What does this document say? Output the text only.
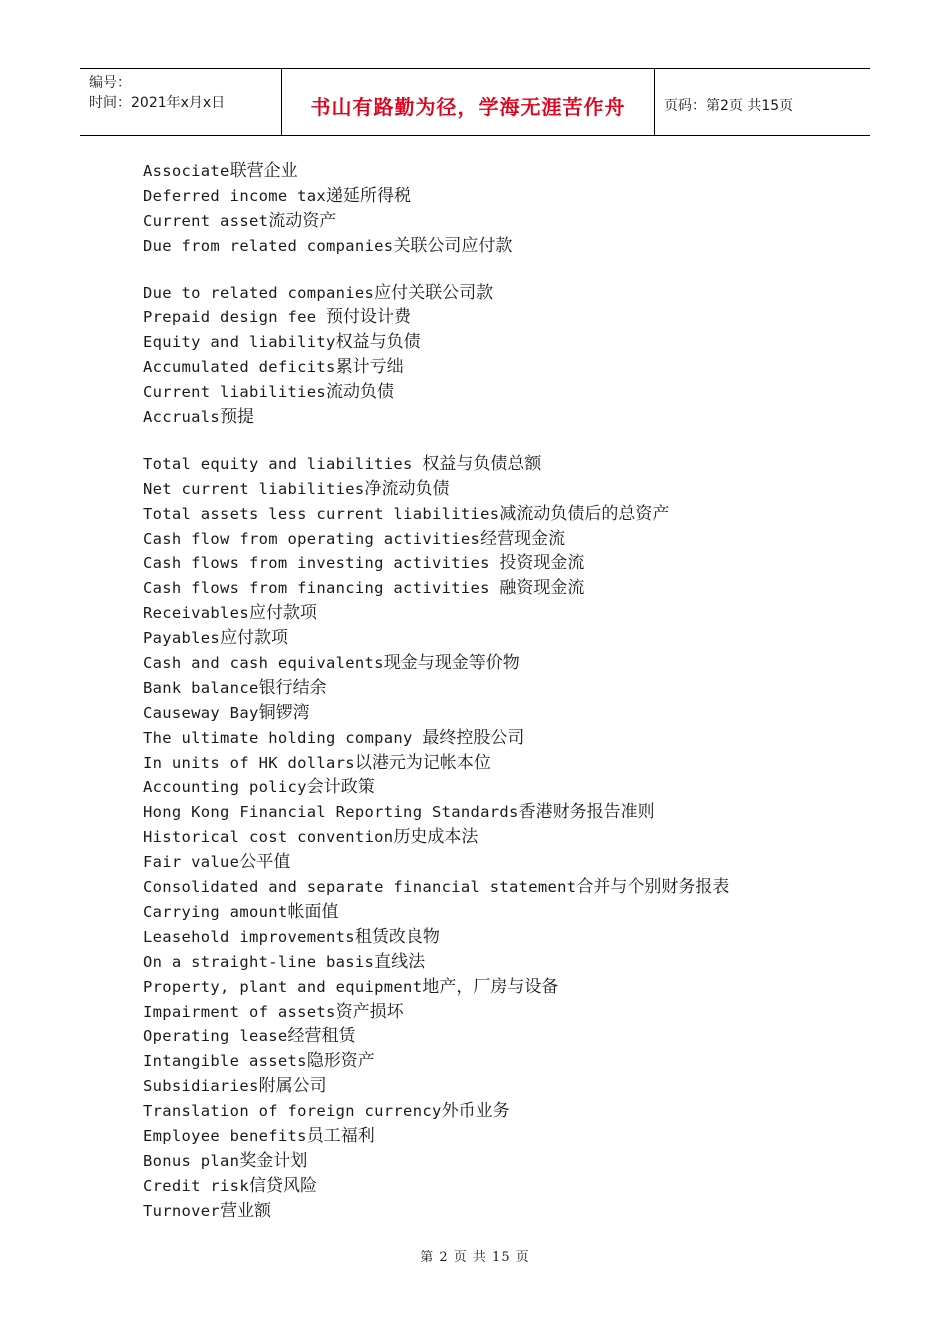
编号：
时间：2021年x月x日	书山有路勤为径，学海无涯苦作舟	页码：第2页 共15页
Associate联营企业
Deferred income tax递延所得税
Current asset流动资产
Due from related companies关联公司应付款
Due to related companies应付关联公司款
Prepaid design fee 预付设计费
Equity and liability权益与负债
Accumulated deficits累计亏绌
Current liabilities流动负债
Accruals预提
Total equity and liabilities 权益与负债总额
Net current liabilities净流动负债
Total assets less current liabilities减流动负债后的总资产
Cash flow from operating activities经营现金流
Cash flows from investing activities 投资现金流
Cash flows from financing activities 融资现金流
Receivables应付款项
Payables应付款项
Cash and cash equivalents现金与现金等价物
Bank balance银行结余
Causeway Bay铜锣湾
The ultimate holding company 最终控股公司
In units of HK dollars以港元为记帐本位
Accounting policy会计政策
Hong Kong Financial Reporting Standards香港财务报告准则
Historical cost convention历史成本法
Fair value公平值
Consolidated and separate financial statement合并与个别财务报表
Carrying amount帐面值
Leasehold improvements租赁改良物
On a straight-line basis直线法
Property, plant and equipment地产，厂房与设备
Impairment of assets资产损坏
Operating lease经营租赁
Intangible assets隐形资产
Subsidiaries附属公司
Translation of foreign currency外币业务
Employee benefits员工福利
Bonus plan奖金计划
Credit risk信贷风险
Turnover营业额
第 2 页 共 15 页
